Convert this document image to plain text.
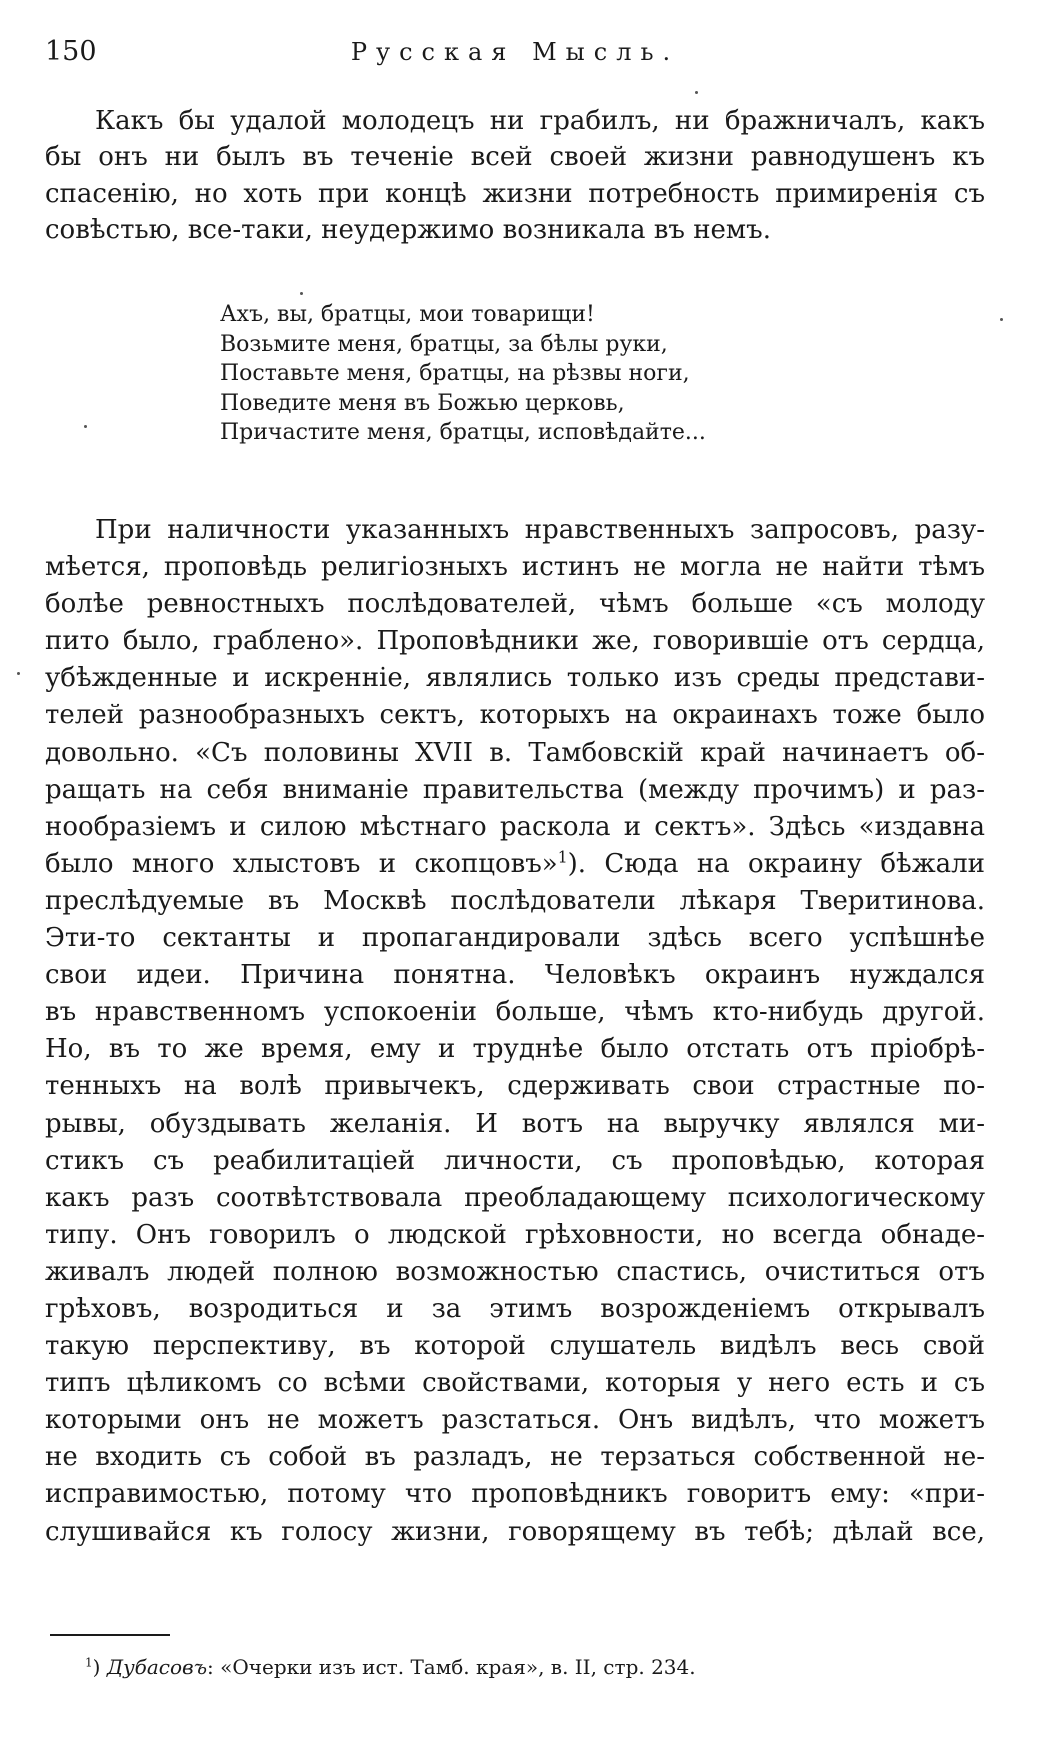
150	Русская Мысль.
Какъ бы удалой молодецъ ни грабилъ, ни бражничалъ, какъ
бы онъ ни былъ въ теченіе всей своей жизни равнодушенъ къ
спасенію, но хоть при концѣ жизни потребность примиренія съ
совѣстью, все-таки, неудержимо возникала въ немъ.
Ахъ, вы, братцы, мои товарищи!
Возьмите меня, братцы, за бѣлы руки,
Поставьте меня, братцы, на рѣзвы ноги,
Поведите меня въ Божью церковь,
Причастите меня, братцы, исповѣдайте...
При наличности указанныхъ нравственныхъ запросовъ, разу-
мѣется, проповѣдь религіозныхъ истинъ не могла не найти тѣмъ
болѣе ревностныхъ послѣдователей, чѣмъ больше «съ молоду
пито было, граблено». Проповѣдники же, говорившіе отъ сердца,
убѣжденные и искренніе, являлись только изъ среды представи-
телей разнообразныхъ сектъ, которыхъ на окраинахъ тоже было
довольно. «Съ половины XVII в. Тамбовскій край начинаетъ об-
ращать на себя вниманіе правительства (между прочимъ) и раз-
нообразіемъ и силою мѣстнаго раскола и сектъ». Здѣсь «издавна
было много хлыстовъ и скопцовъ»$^1$). Сюда на окраину бѣжали
преслѣдуемые въ Москвѣ послѣдователи лѣкаря Тверитинова.
Эти-то сектанты и пропагандировали здѣсь всего успѣшнѣе
свои идеи. Причина понятна. Человѣкъ окраинъ нуждался
въ нравственномъ успокоеніи больше, чѣмъ кто-нибудь другой.
Но, въ то же время, ему и труднѣе было отстать отъ пріобрѣ-
тенныхъ на волѣ привычекъ, сдерживать свои страстные по-
рывы, обуздывать желанія. И вотъ на выручку являлся ми-
стикъ съ реабилитаціей личности, съ проповѣдью, которая
какъ разъ соотвѣтствовала преобладающему психологическому
типу. Онъ говорилъ о людской грѣховности, но всегда обнаде-
живалъ людей полною возможностью спастись, очиститься отъ
грѣховъ, возродиться и за этимъ возрожденіемъ открывалъ
такую перспективу, въ которой слушатель видѣлъ весь свой
типъ цѣликомъ со всѣми свойствами, которыя у него есть и съ
которыми онъ не можетъ разстаться. Онъ видѣлъ, что можетъ
не входить съ собой въ разладъ, не терзаться собственной не-
исправимостью, потому что проповѣдникъ говоритъ ему: «при-
слушивайся къ голосу жизни, говорящему въ тебѣ; дѣлай все,
$^1$) Дубасовъ: «Очерки изъ ист. Тамб. края», в. II, стр. 234.
